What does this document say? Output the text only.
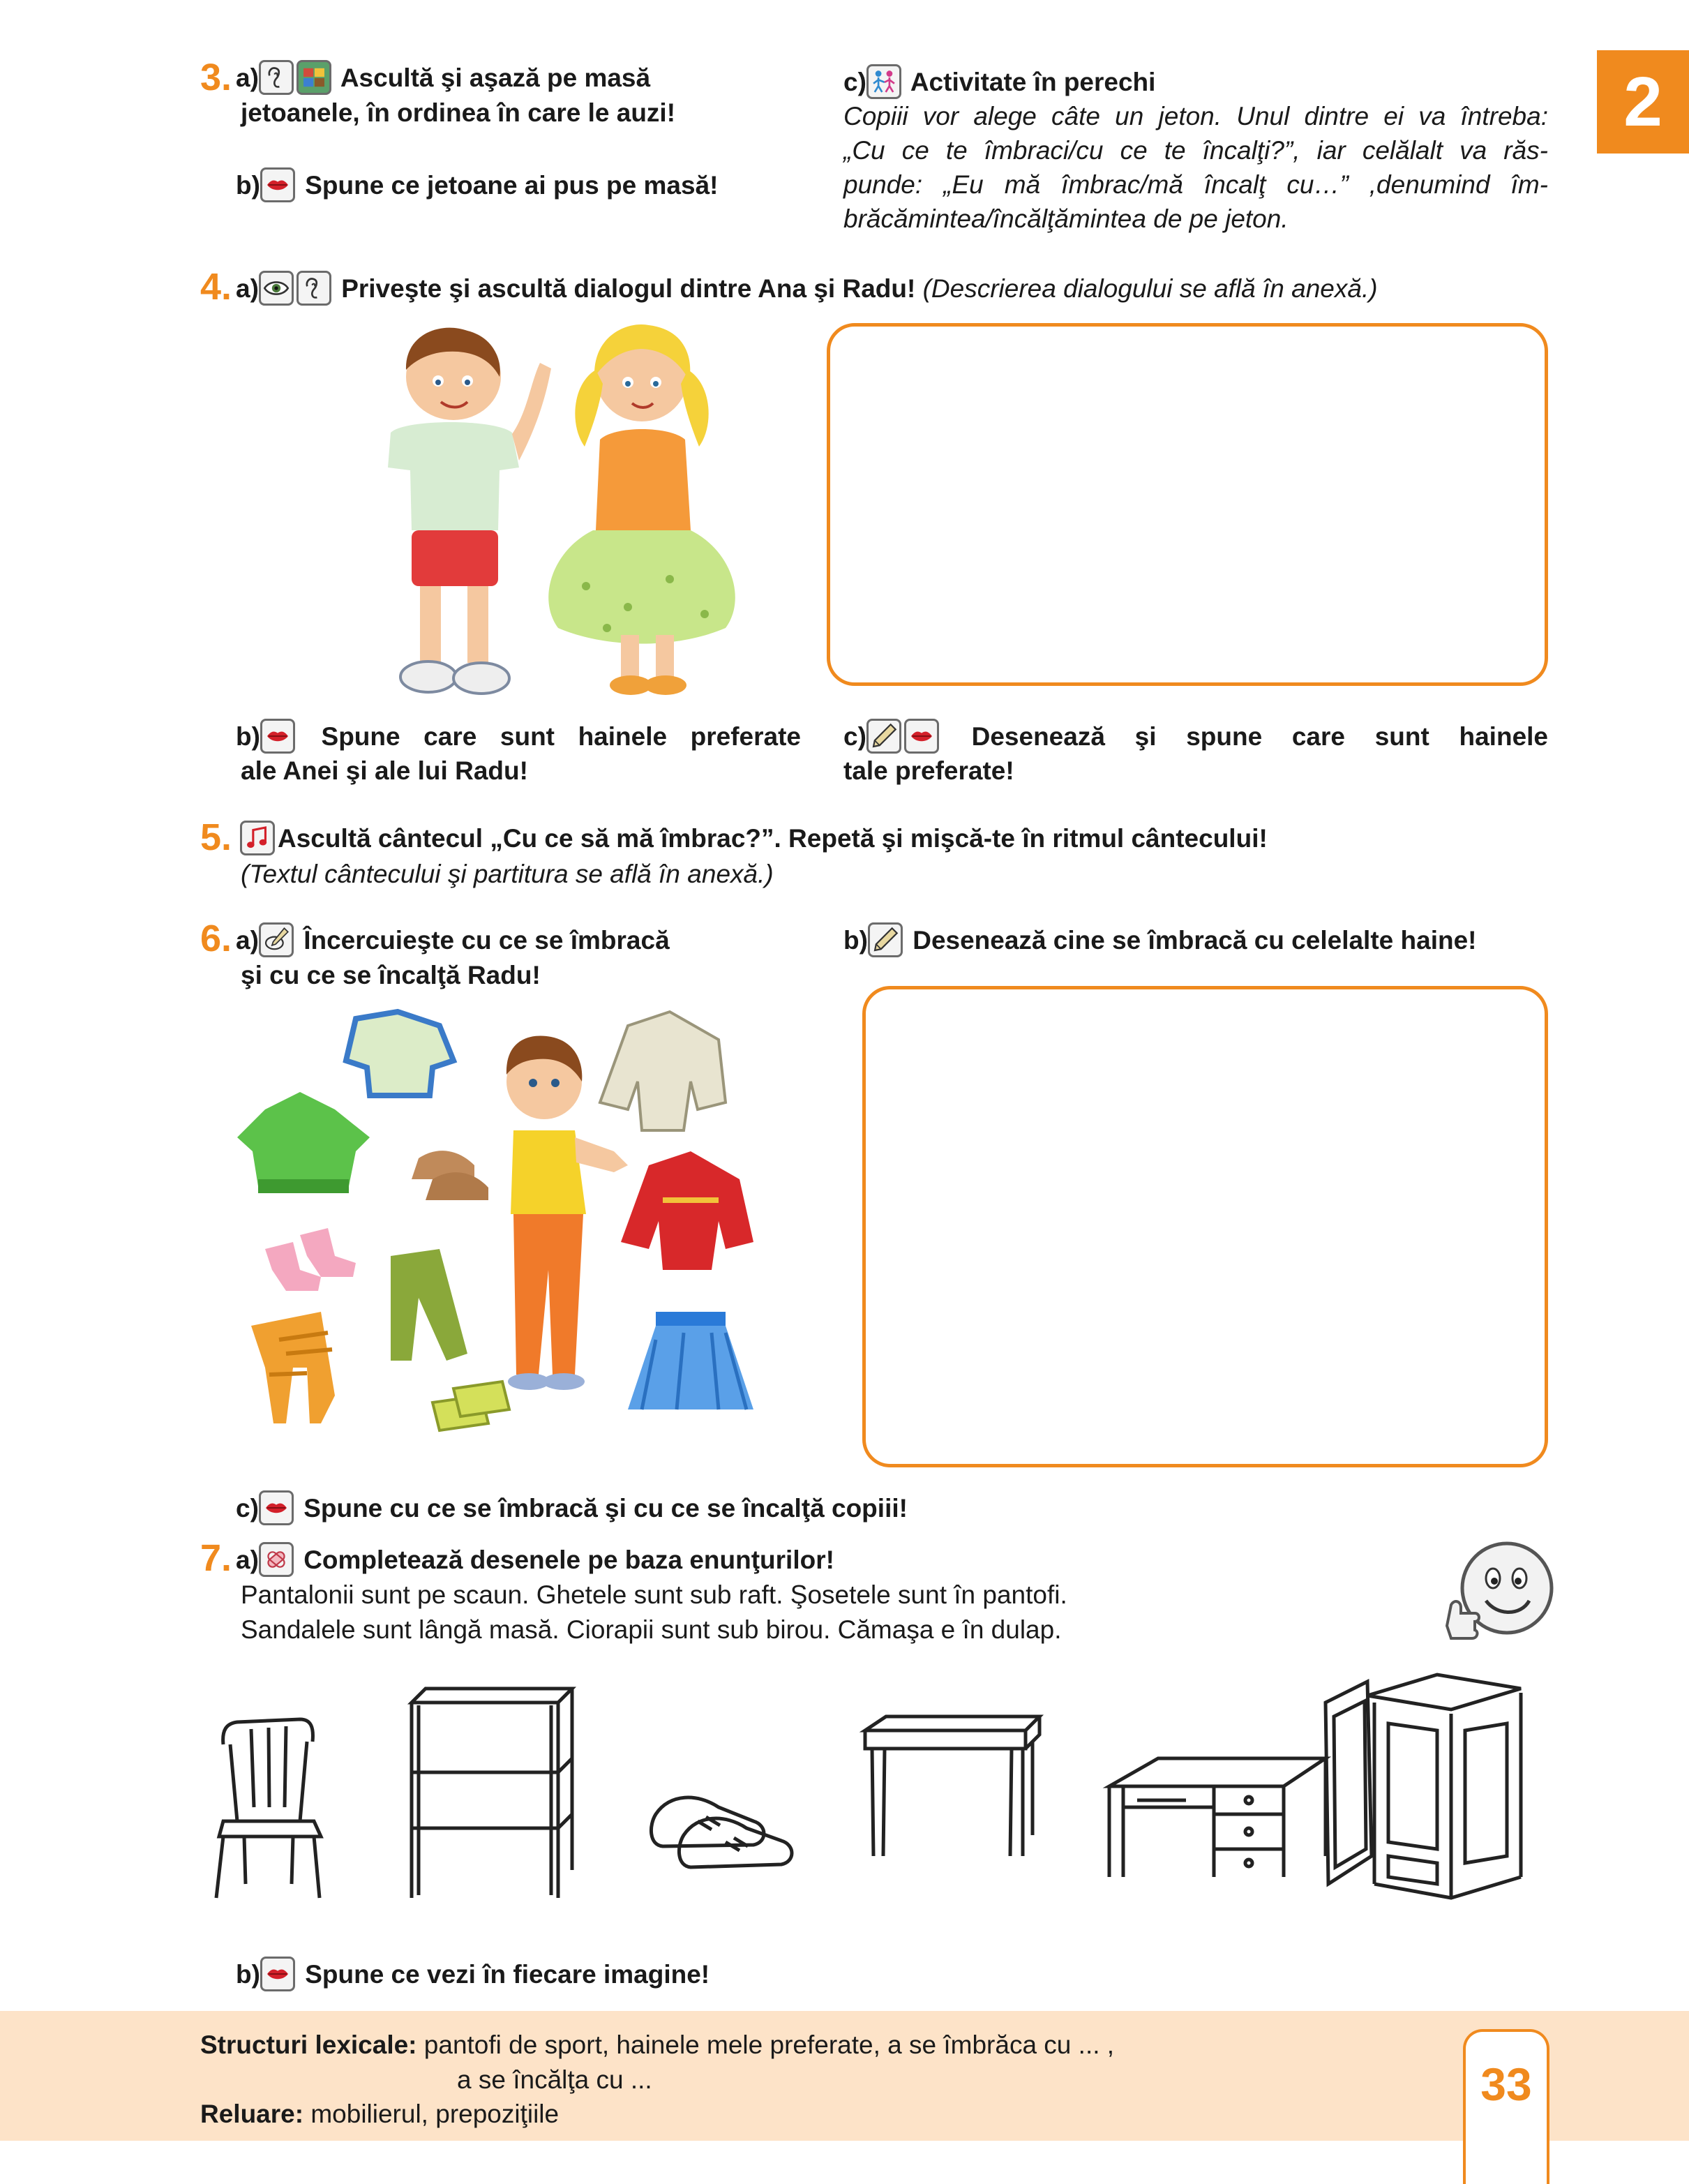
2
3. a)	Ascultă şi aşază pe masă
jetoanele, în ordinea în care le auzi!
b) Spune ce jetoane ai pus pe masă!
c) Activitate în perechi
Copiii vor alege câte un jeton. Unul dintre ei va întreba:
„Cu ce te îmbraci/cu ce te încalţi?”, iar celălalt va răs-
punde: „Eu mă îmbrac/mă încalţ cu…” ,denumind îm-
brăcămintea/încălţămintea de pe jeton.
4. a)	Priveşte şi ascultă dialogul dintre Ana şi Radu! (Descrierea dialogului se află în anexă.)
b) Spune care sunt hainele preferate
ale Anei şi ale lui Radu!
c)	Desenează şi spune care sunt hainele
tale preferate!
5.	Ascultă cântecul „Cu ce să mă îmbrac?”. Repetă şi mişcă-te în ritmul cântecului!
(Textul cântecului şi partitura se află în anexă.)
6. a) Încercuieşte cu ce se îmbracă
şi cu ce se încalţă Radu!
b) Desenează cine se îmbracă cu celelalte haine!
c) Spune cu ce se îmbracă şi cu ce se încalţă copiii!
7. a) Completează desenele pe baza enunţurilor!
Pantalonii sunt pe scaun. Ghetele sunt sub raft. Şosetele sunt în pantofi.
Sandalele sunt lângă masă. Ciorapii sunt sub birou. Cămaşa e în dulap.
b) Spune ce vezi în fiecare imagine!
Structuri lexicale: pantofi de sport, hainele mele preferate, a se îmbrăca cu ... ,
a se încălţa cu ...
Reluare: mobilierul, prepoziţiile
33
